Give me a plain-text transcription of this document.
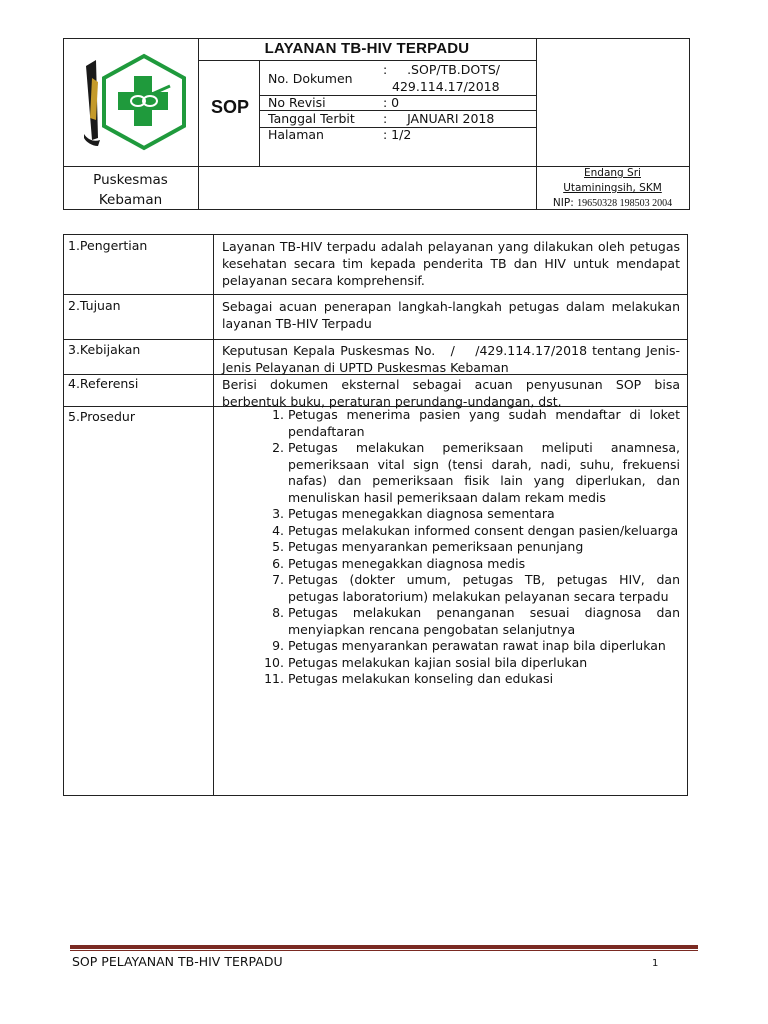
LAYANAN TB-HIV TERPADU
SOP
No. Dokumen
:     .SOP/TB.DOTS/
429.114.17/2018
No Revisi	: 0
Tanggal Terbit :     JANUARI 2018
Halaman	: 1/2
Puskesmas
Kebaman
Endang Sri
Utaminingsih, SKM
NIP: 19650328 198503 2004
1.Pengertian	Layanan TB-HIV terpadu adalah pelayanan yang dilakukan oleh petugas kesehatan secara tim kepada penderita TB dan HIV untuk mendapat pelayanan secara komprehensif.
2.Tujuan	Sebagai acuan penerapan langkah-langkah petugas dalam melakukan layanan TB-HIV Terpadu
3.Kebijakan	Keputusan Kepala Puskesmas No.   /    /429.114.17/2018 tentang Jenis-Jenis Pelayanan di UPTD Puskesmas Kebaman
4.Referensi	Berisi dokumen eksternal sebagai acuan penyusunan SOP bisa berbentuk buku, peraturan perundang-undangan, dst.
5.Prosedur	1. Petugas menerima pasien yang sudah mendaftar di loket pendaftaran
2. Petugas melakukan pemeriksaan meliputi anamnesa, pemeriksaan vital sign (tensi darah, nadi, suhu, frekuensi nafas) dan pemeriksaan fisik lain yang diperlukan, dan menuliskan hasil pemeriksaan dalam rekam medis
3. Petugas menegakkan diagnosa sementara
4. Petugas melakukan informed consent dengan pasien/keluarga
5. Petugas menyarankan pemeriksaan penunjang
6. Petugas menegakkan diagnosa medis
7. Petugas (dokter umum, petugas TB, petugas HIV, dan petugas laboratorium) melakukan pelayanan secara terpadu
8. Petugas melakukan penanganan sesuai diagnosa dan menyiapkan rencana pengobatan selanjutnya
9. Petugas menyarankan perawatan rawat inap bila diperlukan
10. Petugas melakukan kajian sosial bila diperlukan
11. Petugas melakukan konseling dan edukasi
SOP PELAYANAN TB-HIV TERPADU	1
